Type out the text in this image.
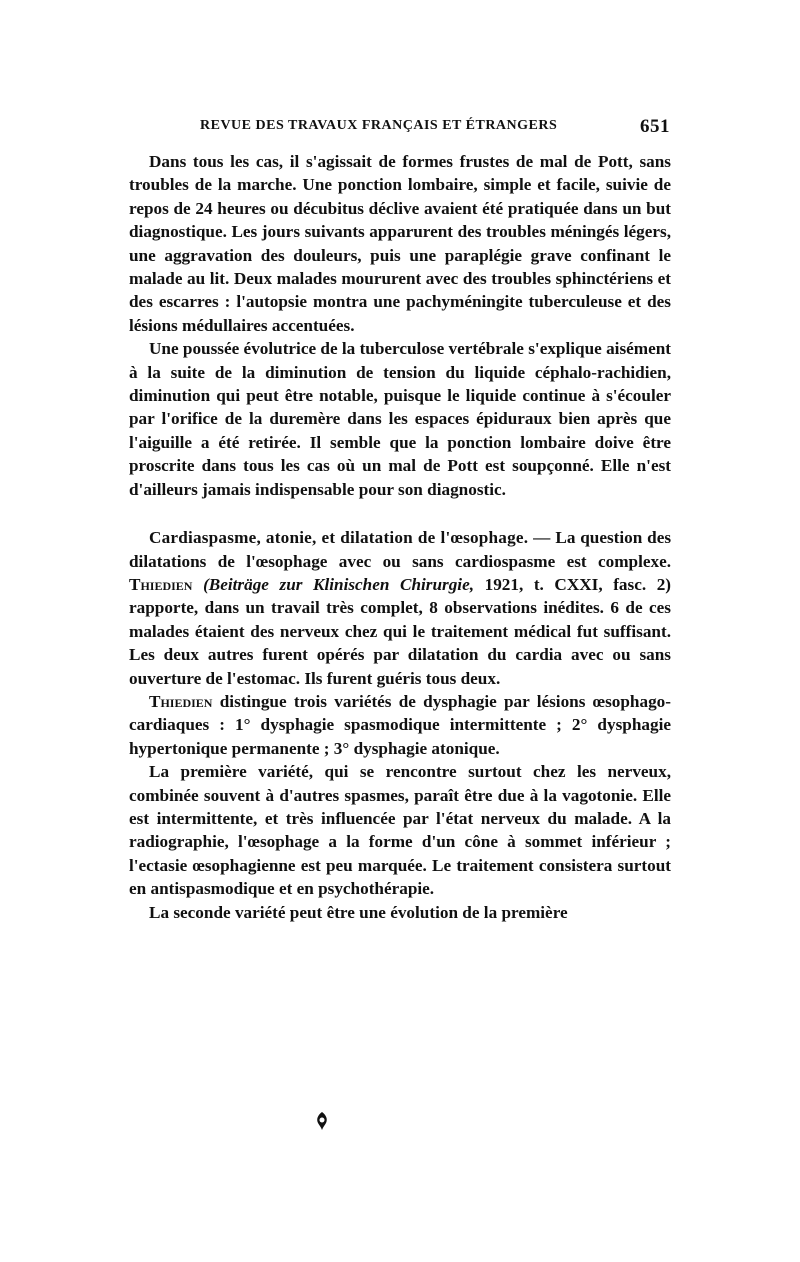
REVUE DES TRAVAUX FRANÇAIS ET ÉTRANGERS	651

Dans tous les cas, il s'agissait de formes frustes de mal de Pott, sans troubles de la marche. Une ponction lombaire, simple et facile, suivie de repos de 24 heures ou décubitus déclive avaient été pratiquée dans un but diagnostique. Les jours suivants apparurent des troubles méningés légers, une aggravation des douleurs, puis une paraplégie grave confinant le malade au lit. Deux malades moururent avec des troubles sphinctériens et des escarres : l'autopsie montra une pachyméningite tuberculeuse et des lésions médullaires accentuées.

Une poussée évolutrice de la tuberculose vertébrale s'explique aisément à la suite de la diminution de tension du liquide céphalo-rachidien, diminution qui peut être notable, puisque le liquide continue à s'écouler par l'orifice de la duremère dans les espaces épiduraux bien après que l'aiguille a été retirée. Il semble que la ponction lombaire doive être proscrite dans tous les cas où un mal de Pott est soupçonné. Elle n'est d'ailleurs jamais indispensable pour son diagnostic.

Cardiaspasme, atonie, et dilatation de l'œsophage. — La question des dilatations de l'œsophage avec ou sans cardiospasme est complexe. Thiedien (Beiträge zur Klinischen Chirurgie, 1921, t. CXXI, fasc. 2) rapporte, dans un travail très complet, 8 observations inédites. 6 de ces malades étaient des nerveux chez qui le traitement médical fut suffisant. Les deux autres furent opérés par dilatation du cardia avec ou sans ouverture de l'estomac. Ils furent guéris tous deux.

Thiedien distingue trois variétés de dysphagie par lésions œsophago-cardiaques : 1° dysphagie spasmodique intermittente ; 2° dysphagie hypertonique permanente ; 3° dysphagie atonique.

La première variété, qui se rencontre surtout chez les nerveux, combinée souvent à d'autres spasmes, paraît être due à la vagotonie. Elle est intermittente, et très influencée par l'état nerveux du malade. A la radiographie, l'œsophage a la forme d'un cône à sommet inférieur ; l'ectasie œsophagienne est peu marquée. Le traitement consistera surtout en antispasmodique et en psychothérapie.

La seconde variété peut être une évolution de la première
